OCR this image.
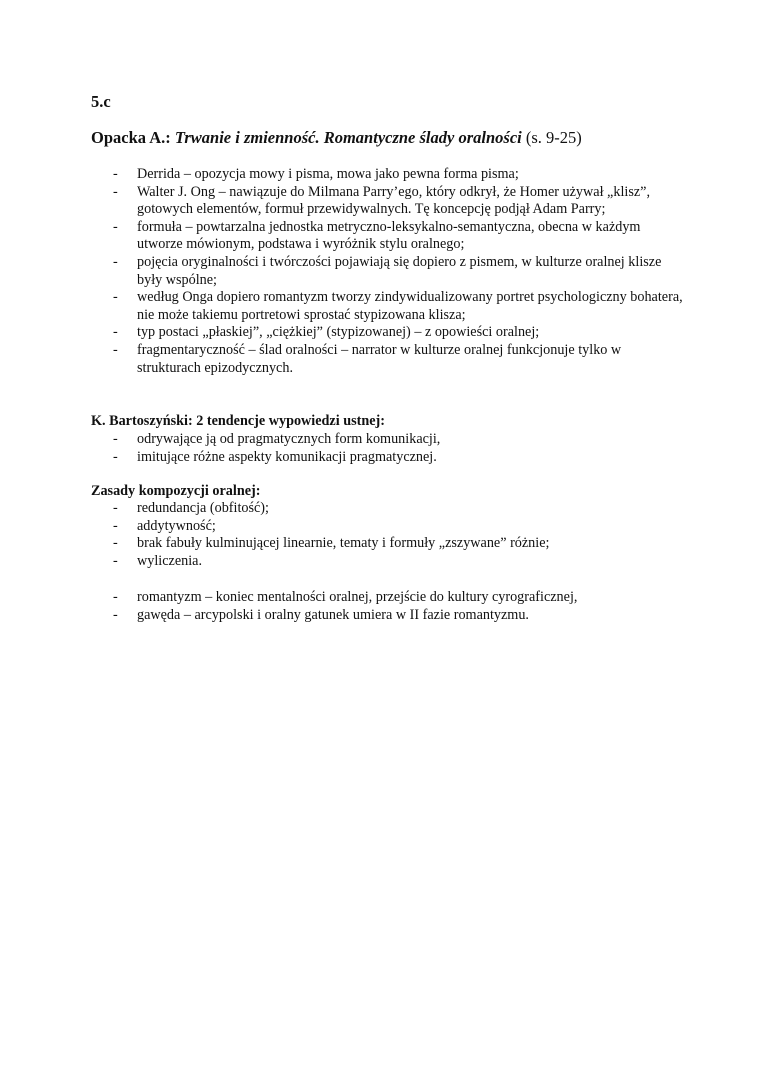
5.c

Opacka A.: Trwanie i zmienność. Romantyczne ślady oralności (s. 9-25)

- Derrida – opozycja mowy i pisma, mowa jako pewna forma pisma;
- Walter J. Ong – nawiązuje do Milmana Parry’ego, który odkrył, że Homer używał „klisz”, gotowych elementów, formuł przewidywalnych. Tę koncepcję podjął Adam Parry;
- formuła – powtarzalna jednostka metryczno-leksykalno-semantyczna, obecna w każdym utworze mówionym, podstawa i wyróżnik stylu oralnego;
- pojęcia oryginalności i twórczości pojawiają się dopiero z pismem, w kulturze oralnej klisze były wspólne;
- według Onga dopiero romantyzm tworzy zindywidualizowany portret psychologiczny bohatera, nie może takiemu portretowi sprostać stypizowana klisza;
- typ postaci „płaskiej”, „ciężkiej” (stypizowanej) – z opowieści oralnej;
- fragmentaryczność – ślad oralności – narrator w kulturze oralnej funkcjonuje tylko w strukturach epizodycznych.

K. Bartoszyński: 2 tendencje wypowiedzi ustnej:

- odrywające ją od pragmatycznych form komunikacji,
- imitujące różne aspekty komunikacji pragmatycznej.

Zasady kompozycji oralnej:

- redundancja (obfitość);
- addytywność;
- brak fabuły kulminującej linearnie, tematy i formuły „zszywane” różnie;
- wyliczenia.
- romantyzm – koniec mentalności oralnej, przejście do kultury cyrograficznej,
- gawęda – arcypolski i oralny gatunek umiera w II fazie romantyzmu.
